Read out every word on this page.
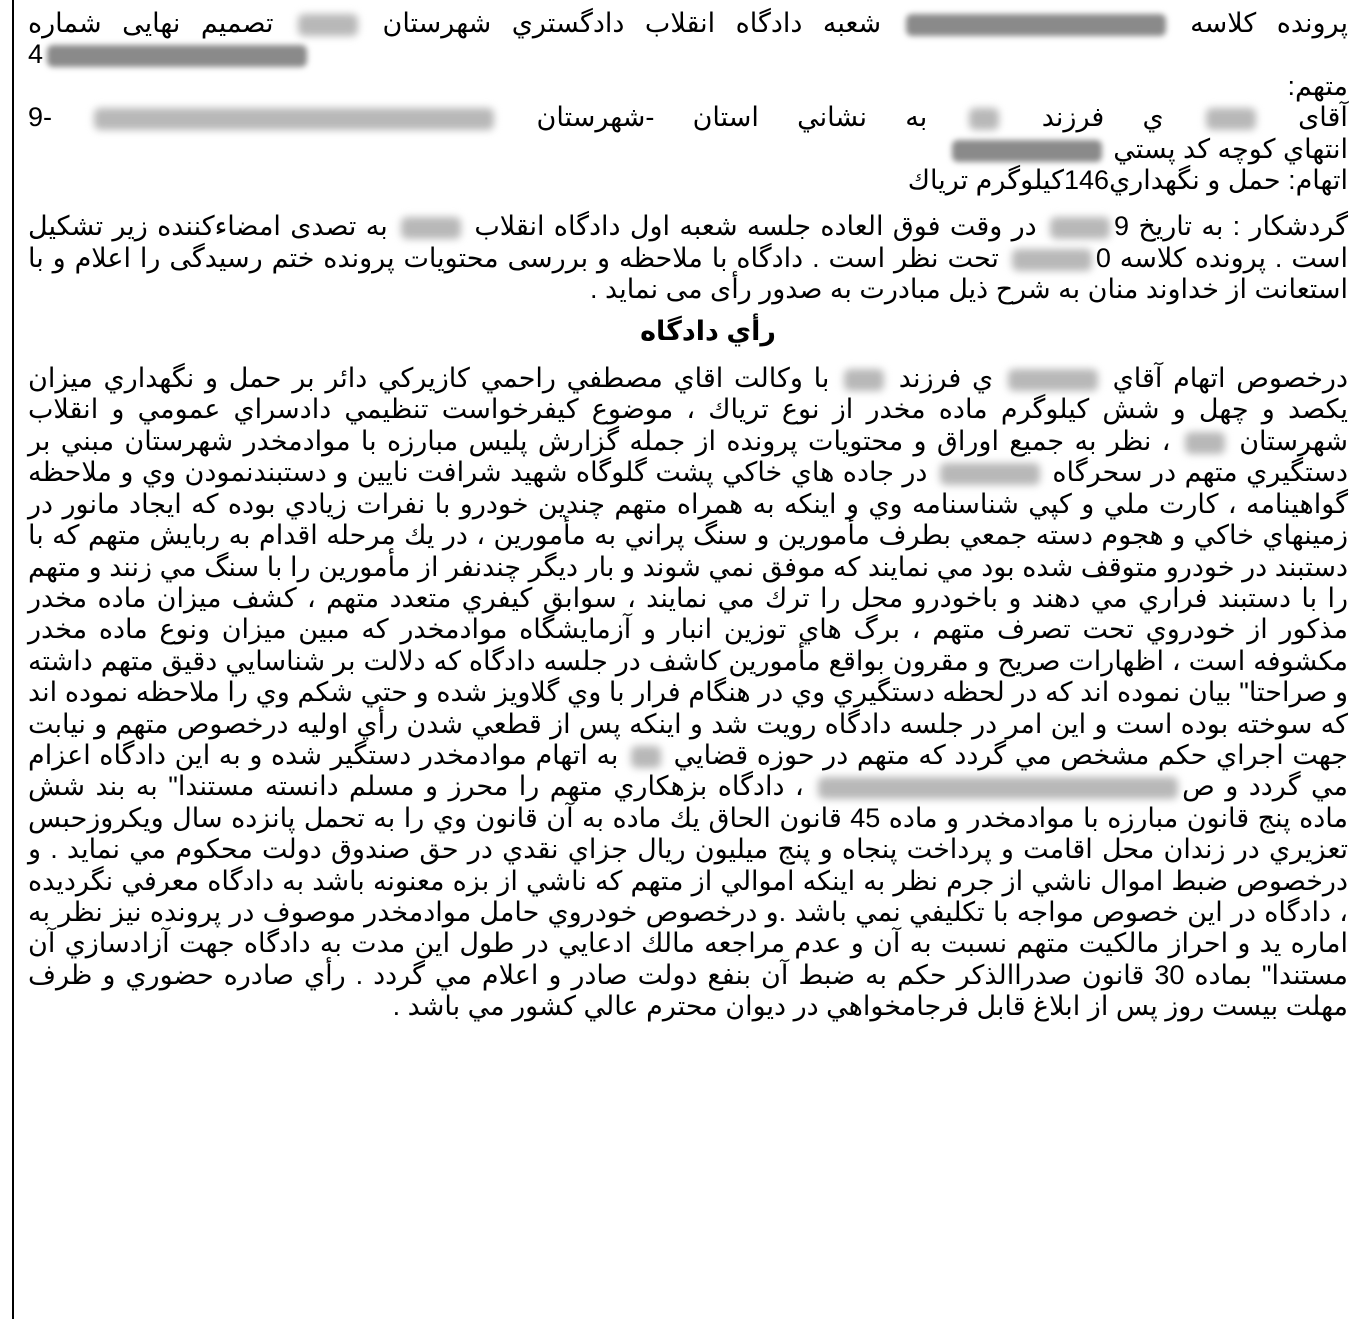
پرونده كلاسه  شعبه دادگاه انقلاب دادگستري شهرستان  تصميم نهايی شماره

4

متهم:

آقای  ي فرزند  به نشاني استان -شهرستان  -9

انتهاي كوچه كد پستي

اتهام: حمل و نگهداري146كيلوگرم ترياك

گردشكار : به تاريخ 9 در وقت فوق العاده جلسه شعبه اول دادگاه انقلاب  به تصدی امضاءكننده زير تشكيل است . پرونده كلاسه 0 تحت نظر است . دادگاه با ملاحظه و بررسی محتويات پرونده ختم رسيدگی را اعلام و با استعانت از خداوند منان به شرح ذيل مبادرت به صدور رأی می نمايد .

رأي دادگاه

درخصوص اتهام آقاي  ي فرزند  با وكالت اقاي مصطفي راحمي كازيركي دائر بر حمل و نگهداري ميزان يكصد و چهل و شش كيلوگرم ماده مخدر از نوع ترياك ، موضوع كيفرخواست تنظيمي دادسراي عمومي و انقلاب شهرستان  ، نظر به جميع اوراق و محتويات پرونده از جمله گزارش پليس مبارزه با موادمخدر شهرستان مبني بر دستگيري متهم در سحرگاه  در جاده هاي خاكي پشت گلوگاه شهيد شرافت نايين و دستبندنمودن وي و ملاحظه گواهينامه ، كارت ملي و كپي شناسنامه وي و اينكه به همراه متهم چندين خودرو با نفرات زيادي بوده كه ايجاد مانور در زمينهاي خاكي و هجوم دسته جمعي بطرف مأمورين و سنگ پراني به مأمورين ، در يك مرحله اقدام به ربايش متهم كه با دستبند در خودرو متوقف شده بود مي نمايند كه موفق نمي شوند و بار ديگر چندنفر از مأمورين را با سنگ مي زنند و متهم را با دستبند فراري مي دهند و باخودرو محل را ترك مي نمايند ، سوابق كيفري متعدد متهم ، كشف ميزان ماده مخدر مذكور از خودروي تحت تصرف متهم ، برگ هاي توزين انبار و آزمايشگاه موادمخدر كه مبين ميزان ونوع ماده مخدر مكشوفه است ، اظهارات صريح و مقرون بواقع مأمورين كاشف در جلسه دادگاه كه دلالت بر شناسايي دقيق متهم داشته و صراحتا" بيان نموده اند كه در لحظه دستگيري وي در هنگام فرار با وي گلاويز شده و حتي شكم وي را ملاحظه نموده اند كه سوخته بوده است و اين امر در جلسه دادگاه رويت شد و اينكه پس از قطعي شدن رأي اوليه درخصوص متهم و نيابت جهت اجراي حكم مشخص مي گردد كه متهم در حوزه قضايي  به اتهام موادمخدر دستگير شده و به اين دادگاه اعزام مي گردد و ص ، دادگاه بزهكاري متهم را محرز و مسلم دانسته مستندا" به بند شش ماده پنج قانون مبارزه با موادمخدر و ماده 45 قانون الحاق يك ماده به آن قانون وي را به تحمل پانزده سال ويكروزحبس تعزيري در زندان محل اقامت و پرداخت پنجاه و پنج ميليون ريال جزاي نقدي در حق صندوق دولت محكوم مي نمايد . و درخصوص ضبط اموال ناشي از جرم نظر به اينكه اموالي از متهم كه ناشي از بزه معنونه باشد به دادگاه معرفي نگرديده ، دادگاه در اين خصوص مواجه با تكليفي نمي باشد .و درخصوص خودروي حامل موادمخدر موصوف در پرونده نيز نظر به اماره يد و احراز مالكيت متهم نسبت به آن و عدم مراجعه مالك ادعايي در طول اين مدت به دادگاه جهت آزادسازي آن مستندا" بماده 30 قانون صدراالذكر حكم به ضبط آن بنفع دولت صادر و اعلام مي گردد . رأي صادره حضوري و ظرف مهلت بيست روز پس از ابلاغ قابل فرجامخواهي در ديوان محترم عالي كشور مي باشد .
